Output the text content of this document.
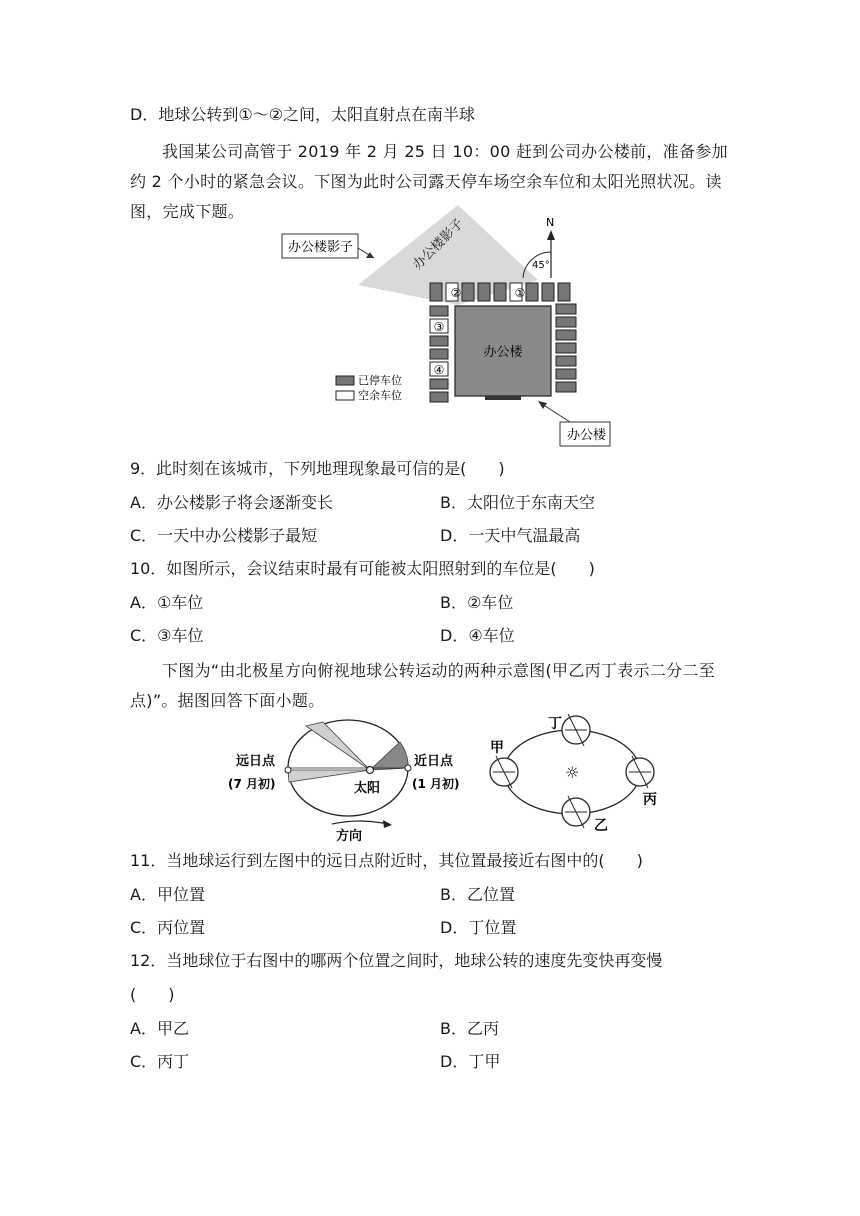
D．地球公转到①～②之间，太阳直射点在南半球
我国某公司高管于 2019 年 2 月 25 日 10：00 赶到公司办公楼前，准备参加约 2 个小时的紧急会议。下图为此时公司露天停车场空余车位和太阳光照状况。读图，完成下题。
办公楼影子
办公楼影子
N
45°
②	①
③
④
办公楼
已停车位
空余车位
办公楼
9．此时刻在该城市，下列地理现象最可信的是(　　)
A．办公楼影子将会逐渐变长	B．太阳位于东南天空
C．一天中办公楼影子最短	D．一天中气温最高
10．如图所示，会议结束时最有可能被太阳照射到的车位是(　　)
A．①车位	B．②车位
C．③车位	D．④车位
下图为“由北极星方向俯视地球公转运动的两种示意图(甲乙丙丁表示二分二至点)”。据图回答下面小题。
远日点
(7 月初)
近日点
(1 月初)
太阳
方向
☼
甲
丁
丙
乙
11．当地球运行到左图中的远日点附近时，其位置最接近右图中的(　　)
A．甲位置	B．乙位置
C．丙位置	D．丁位置
12．当地球位于右图中的哪两个位置之间时，地球公转的速度先变快再变慢
(　　)
A．甲乙	B．乙丙
C．丙丁	D．丁甲
